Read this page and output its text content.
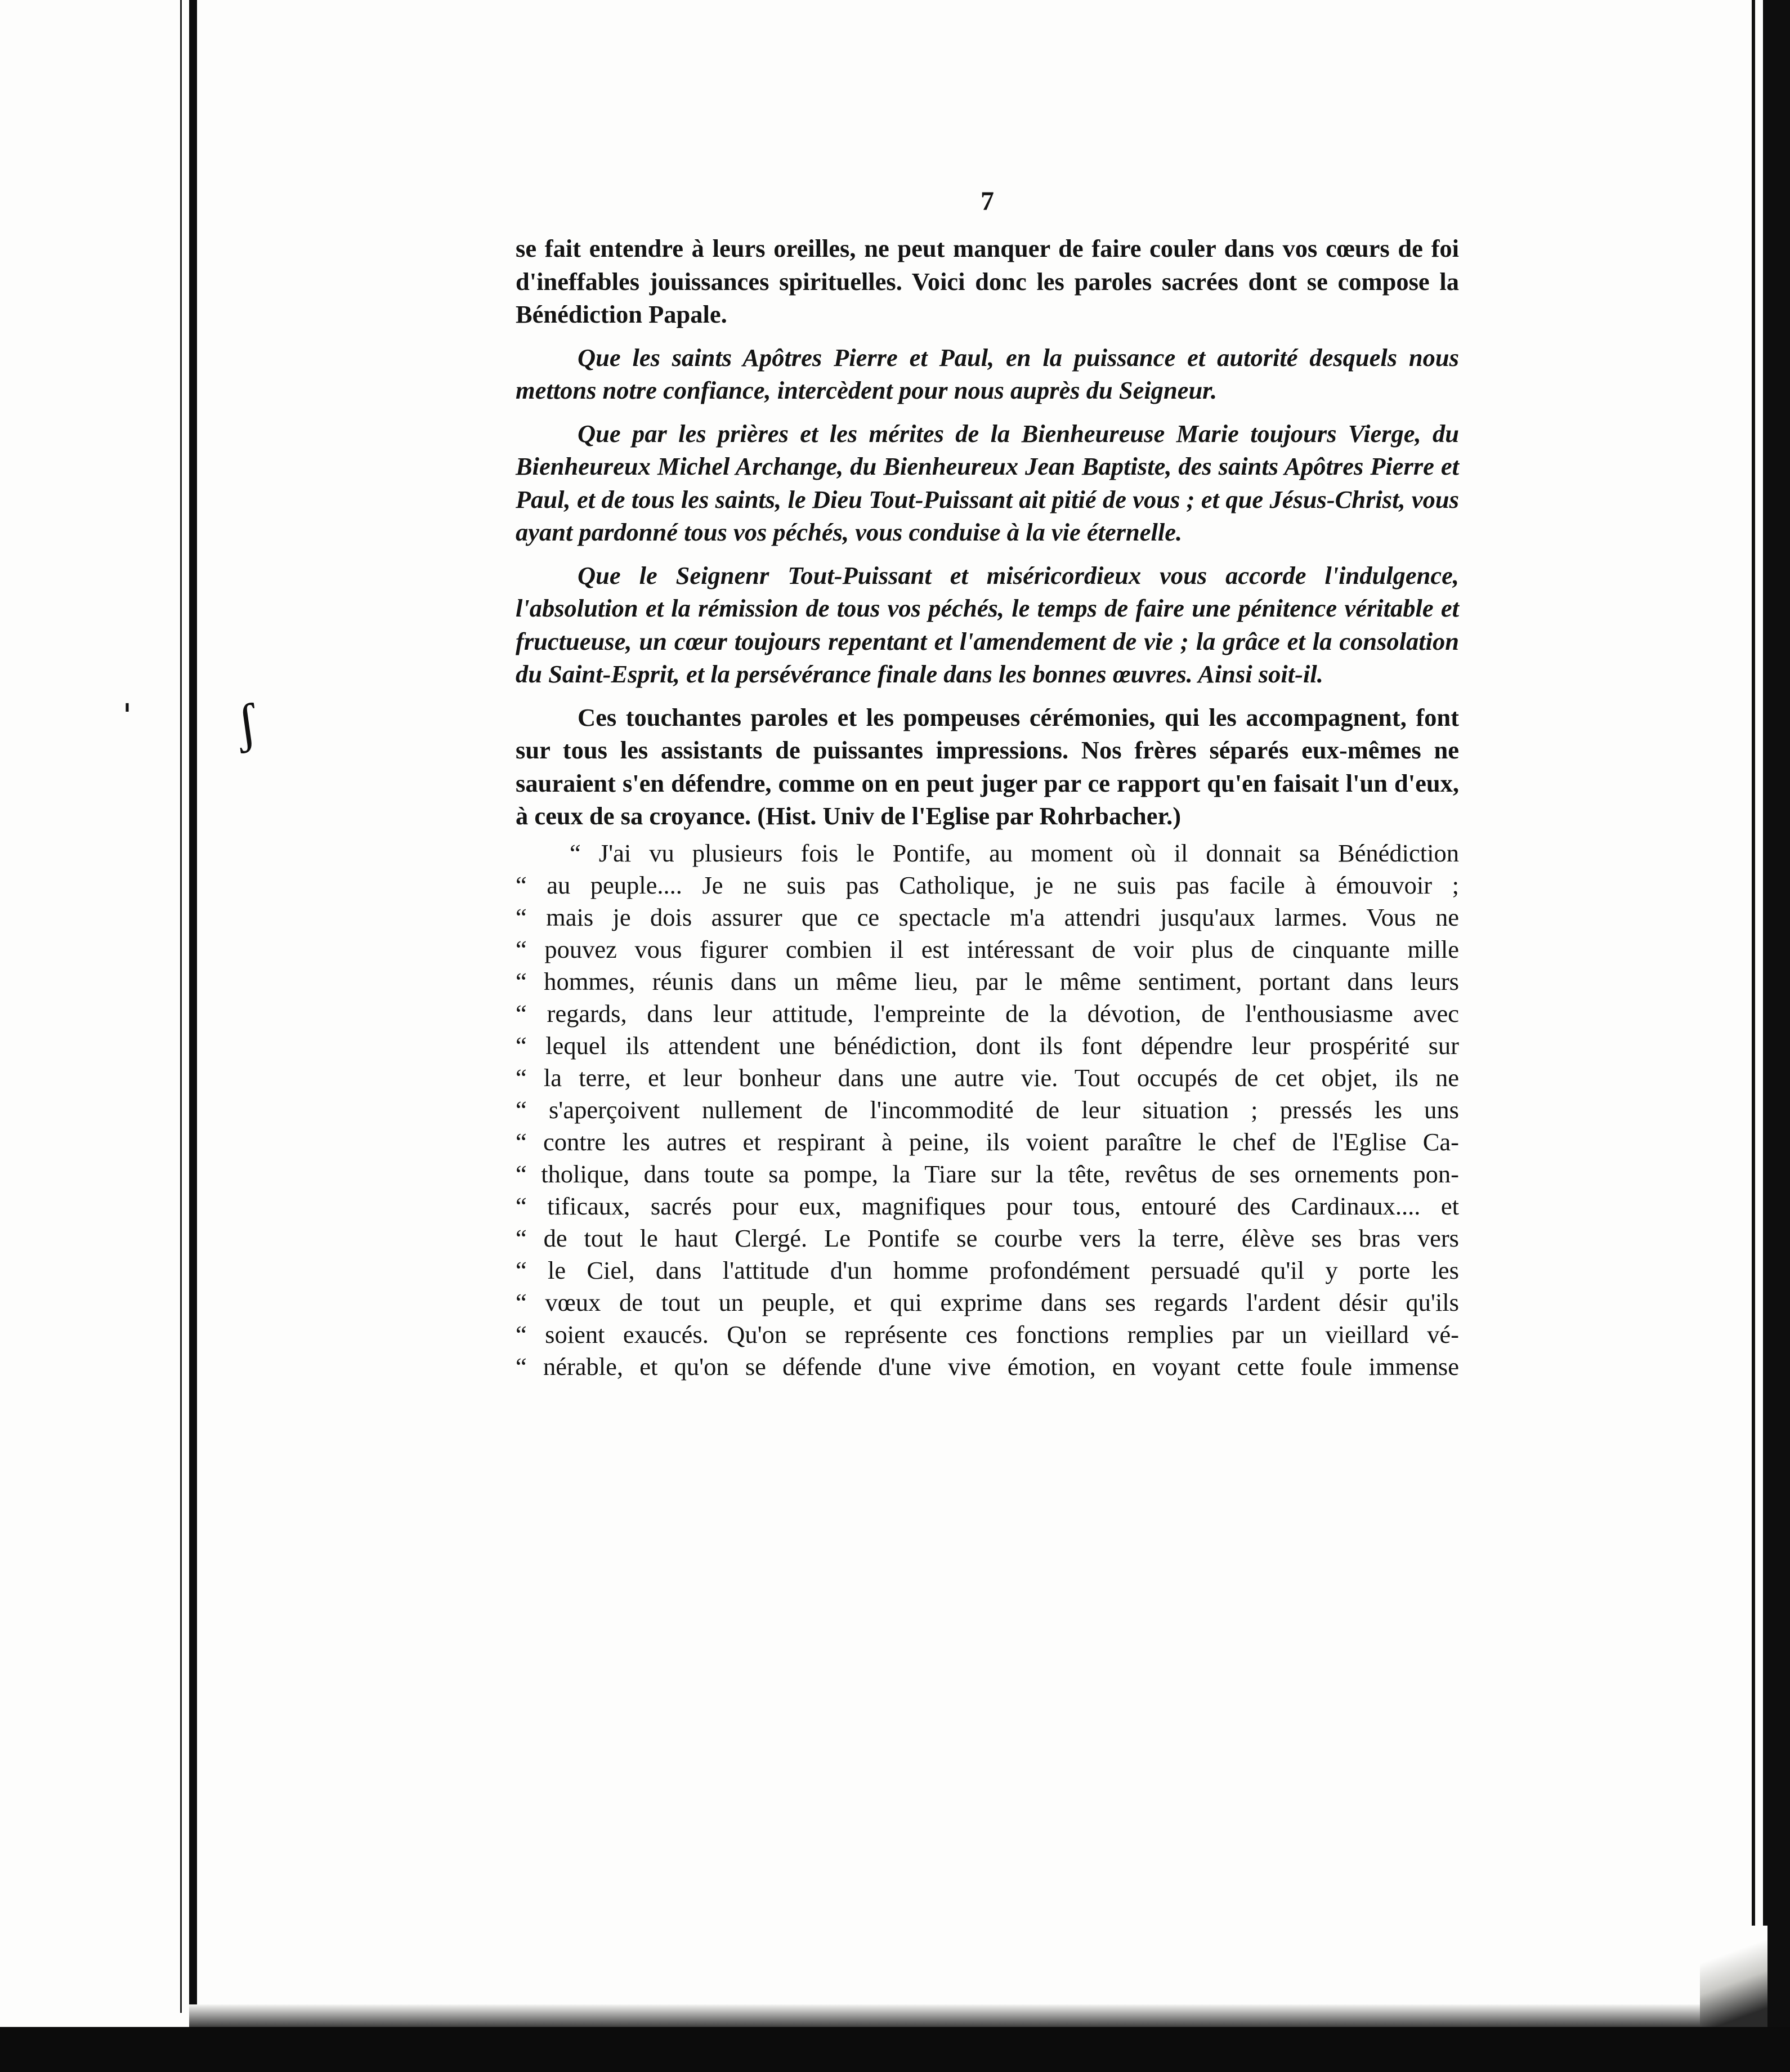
ˈ ʃ
7

se fait entendre à leurs oreilles, ne peut manquer de faire couler dans vos cœurs de foi d'ineffables jouissances spirituelles. Voici donc les paroles sacrées dont se compose la Bénédiction Papale.

Que les saints Apôtres Pierre et Paul, en la puissance et autorité desquels nous mettons notre confiance, intercèdent pour nous auprès du Seigneur.

Que par les prières et les mérites de la Bienheureuse Marie toujours Vierge, du Bienheureux Michel Archange, du Bienheureux Jean Baptiste, des saints Apôtres Pierre et Paul, et de tous les saints, le Dieu Tout-Puissant ait pitié de vous ; et que Jésus-Christ, vous ayant pardonné tous vos péchés, vous conduise à la vie éternelle.

Que le Seignenr Tout-Puissant et miséricordieux vous accorde l'indulgence, l'absolution et la rémission de tous vos péchés, le temps de faire une pénitence véritable et fructueuse, un cœur toujours repentant et l'amendement de vie ; la grâce et la consolation du Saint-Esprit, et la persévérance finale dans les bonnes œuvres. Ainsi soit-il.

Ces touchantes paroles et les pompeuses cérémonies, qui les accompagnent, font sur tous les assistants de puissantes impressions. Nos frères séparés eux-mêmes ne sauraient s'en défendre, comme on en peut juger par ce rapport qu'en faisait l'un d'eux, à ceux de sa croyance. (Hist. Univ de l'Eglise par Rohrbacher.)

“ J'ai vu plusieurs fois le Pontife, au moment où il donnait sa Bénédiction
“ au peuple.... Je ne suis pas Catholique, je ne suis pas facile à émouvoir ;
“ mais je dois assurer que ce spectacle m'a attendri jusqu'aux larmes. Vous ne
“ pouvez vous figurer combien il est intéressant de voir plus de cinquante mille
“ hommes, réunis dans un même lieu, par le même sentiment, portant dans leurs
“ regards, dans leur attitude, l'empreinte de la dévotion, de l'enthousiasme avec
“ lequel ils attendent une bénédiction, dont ils font dépendre leur prospérité sur
“ la terre, et leur bonheur dans une autre vie. Tout occupés de cet objet, ils ne
“ s'aperçoivent nullement de l'incommodité de leur situation ; pressés les uns
“ contre les autres et respirant à peine, ils voient paraître le chef de l'Eglise Ca-
“ tholique, dans toute sa pompe, la Tiare sur la tête, revêtus de ses ornements pon-
“ tificaux, sacrés pour eux, magnifiques pour tous, entouré des Cardinaux.... et
“ de tout le haut Clergé. Le Pontife se courbe vers la terre, élève ses bras vers
“ le Ciel, dans l'attitude d'un homme profondément persuadé qu'il y porte les
“ vœux de tout un peuple, et qui exprime dans ses regards l'ardent désir qu'ils
“ soient exaucés. Qu'on se représente ces fonctions remplies par un vieillard vé-
“ nérable, et qu'on se défende d'une vive émotion, en voyant cette foule immense
